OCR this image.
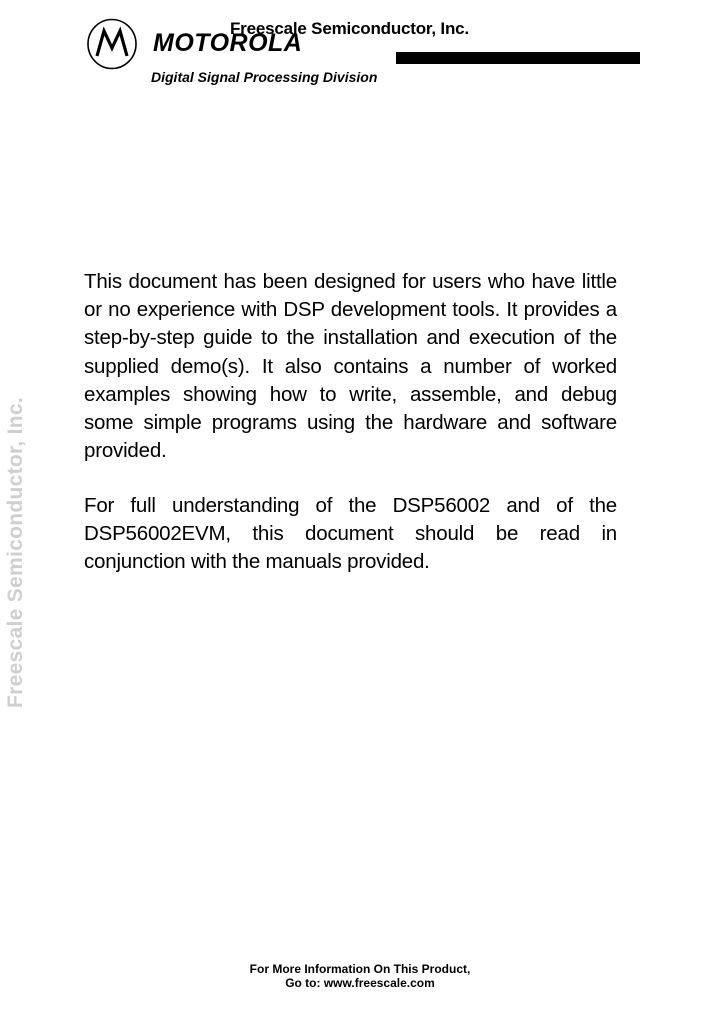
Freescale Semiconductor, Inc.
MOTOROLA
Digital Signal Processing Division
Freescale Semiconductor, Inc.
This document has been designed for users who have little or no experience with DSP development tools. It provides a step-by-step guide to the installation and execution of the supplied demo(s). It also contains a number of worked examples showing how to write, assemble, and debug some simple programs using the hardware and software provided.
For full understanding of the DSP56002 and of the DSP56002EVM, this document should be read in conjunction with the manuals provided.
For More Information On This Product,
Go to: www.freescale.com
